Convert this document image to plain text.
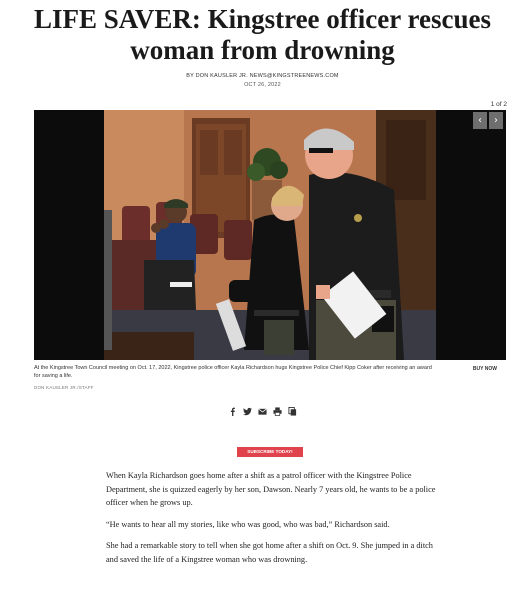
LIFE SAVER: Kingstree officer rescues woman from drowning
BY DON KAUSLER JR. NEWS@KINGSTREENEWS.COM
OCT 26, 2022
1 of 2
‹	›
At the Kingstree Town Council meeting on Oct. 17, 2022, Kingstree police officer Kayla Richardson hugs Kingstree Police Chief Kipp Coker after receiving an award for saving a life.
DON KAUSLER JR./STAFF
BUY NOW
SUBSCRIBE TODAY!

When Kayla Richardson goes home after a shift as a patrol officer with the Kingstree Police Department, she is quizzed eagerly by her son, Dawson. Nearly 7 years old, he wants to be a police officer when he grows up.

“He wants to hear all my stories, like who was good, who was bad,” Richardson said.

She had a remarkable story to tell when she got home after a shift on Oct. 9. She jumped in a ditch and saved the life of a Kingstree woman who was drowning.
